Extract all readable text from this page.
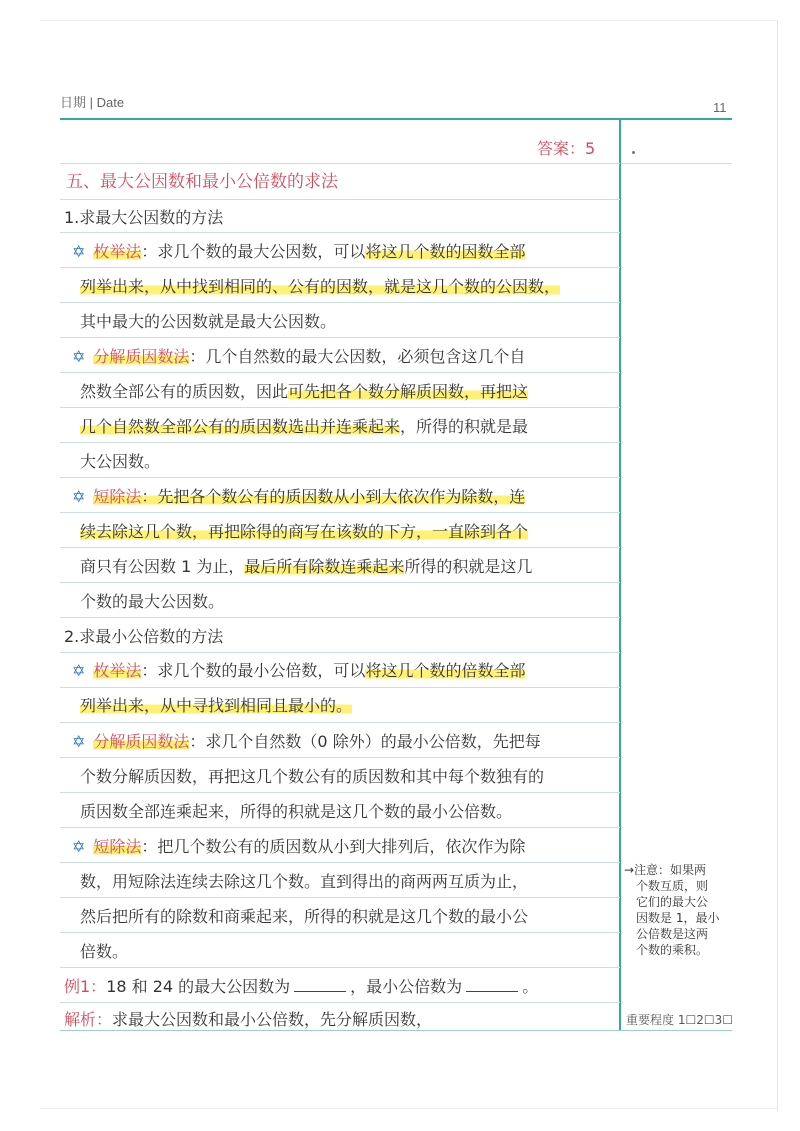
日期 | Date	11
答案：5
五、最大公因数和最小公倍数的求法
1.求最大公因数的方法
✡ 枚举法：求几个数的最大公因数，可以将这几个数的因数全部
列举出来，从中找到相同的、公有的因数，就是这几个数的公因数，
其中最大的公因数就是最大公因数。
✡ 分解质因数法：几个自然数的最大公因数，必须包含这几个自
然数全部公有的质因数，因此可先把各个数分解质因数，再把这
几个自然数全部公有的质因数选出并连乘起来，所得的积就是最
大公因数。
✡ 短除法：先把各个数公有的质因数从小到大依次作为除数，连
续去除这几个数，再把除得的商写在该数的下方，一直除到各个
商只有公因数 1 为止，最后所有除数连乘起来所得的积就是这几
个数的最大公因数。
2.求最小公倍数的方法
✡ 枚举法：求几个数的最小公倍数，可以将这几个数的倍数全部
列举出来，从中寻找到相同且最小的。
✡ 分解质因数法：求几个自然数（0 除外）的最小公倍数，先把每
个数分解质因数，再把这几个数公有的质因数和其中每个数独有的
质因数全部连乘起来，所得的积就是这几个数的最小公倍数。
✡ 短除法：把几个数公有的质因数从小到大排列后，依次作为除
数，用短除法连续去除这几个数。直到得出的商两两互质为止，
然后把所有的除数和商乘起来，所得的积就是这几个数的最小公
倍数。
例1：18 和 24 的最大公因数为	，最小公倍数为	。
解析：求最大公因数和最小公倍数，先分解质因数，
→注意：如果两
个数互质，则
它们的最大公
因数是 1，最小
公倍数是这两
个数的乘积。
重要程度 1☐2☐3☐
